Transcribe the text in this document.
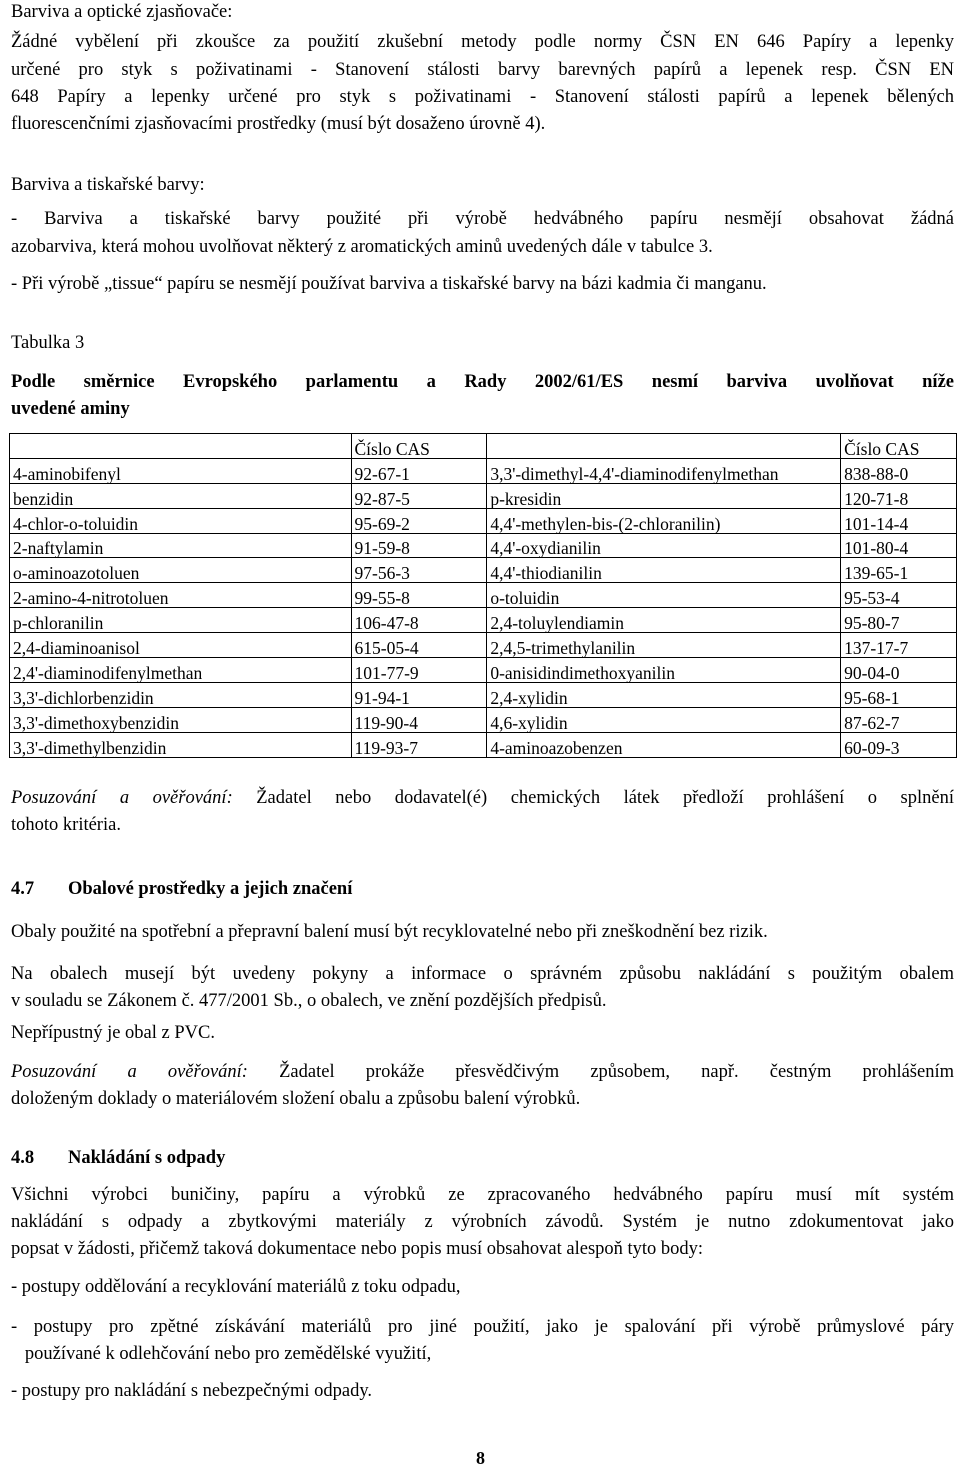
Barviva a optické zjasňovače:
Žádné vybělení při zkoušce za použití zkušební metody podle normy ČSN EN 646 Papíry a lepenky
určené pro styk s poživatinami - Stanovení stálosti barvy barevných papírů a lepenek resp. ČSN EN
648 Papíry a lepenky určené pro styk s poživatinami - Stanovení stálosti papírů a lepenek bělených
fluorescenčními zjasňovacími prostředky (musí být dosaženo úrovně 4).
Barviva a tiskařské barvy:
- Barviva a tiskařské barvy použité při výrobě hedvábného papíru nesmějí obsahovat žádná
azobarviva, která mohou uvolňovat některý z aromatických aminů uvedených dále v tabulce 3.
- Při výrobě „tissue“ papíru se nesmějí používat barviva a tiskařské barvy na bázi kadmia či manganu.
Tabulka 3
Podle směrnice Evropského parlamentu a Rady 2002/61/ES nesmí barviva uvolňovat níže
uvedené aminy
	Číslo CAS		Číslo CAS
4-aminobifenyl	92-67-1	3,3'-dimethyl-4,4'-diaminodifenylmethan	838-88-0
benzidin	92-87-5	p-kresidin	120-71-8
4-chlor-o-toluidin	95-69-2	4,4'-methylen-bis-(2-chloranilin)	101-14-4
2-naftylamin	91-59-8	4,4'-oxydianilin	101-80-4
o-aminoazotoluen	97-56-3	4,4'-thiodianilin	139-65-1
2-amino-4-nitrotoluen	99-55-8	o-toluidin	95-53-4
p-chloranilin	106-47-8	2,4-toluylendiamin	95-80-7
2,4-diaminoanisol	615-05-4	2,4,5-trimethylanilin	137-17-7
2,4'-diaminodifenylmethan	101-77-9	0-anisidindimethoxyanilin	90-04-0
3,3'-dichlorbenzidin	91-94-1	2,4-xylidin	95-68-1
3,3'-dimethoxybenzidin	119-90-4	4,6-xylidin	87-62-7
3,3'-dimethylbenzidin	119-93-7	4-aminoazobenzen	60-09-3
Posuzování a ověřování: Žadatel nebo dodavatel(é) chemických látek předloží prohlášení o splnění
tohoto kritéria.
4.7 Obalové prostředky a jejich značení
Obaly použité na spotřební a přepravní balení musí být recyklovatelné nebo při zneškodnění bez rizik.
Na obalech musejí být uvedeny pokyny a informace o správném způsobu nakládání s použitým obalem
v souladu se Zákonem č. 477/2001 Sb., o obalech, ve znění pozdějších předpisů.
Nepřípustný je obal z PVC.
Posuzování a ověřování: Žadatel prokáže přesvědčivým způsobem, např. čestným prohlášením
doloženým doklady o materiálovém složení obalu a způsobu balení výrobků.
4.8 Nakládání s odpady
Všichni výrobci buničiny, papíru a výrobků ze zpracovaného hedvábného papíru musí mít systém
nakládání s odpady a zbytkovými materiály z výrobních závodů. Systém je nutno zdokumentovat jako
popsat v žádosti, přičemž taková dokumentace nebo popis musí obsahovat alespoň tyto body:
- postupy oddělování a recyklování materiálů z toku odpadu,
- postupy pro zpětné získávání materiálů pro jiné použití, jako je spalování při výrobě průmyslové páry
používané k odlehčování nebo pro zemědělské využití,
- postupy pro nakládání s nebezpečnými odpady.
8
